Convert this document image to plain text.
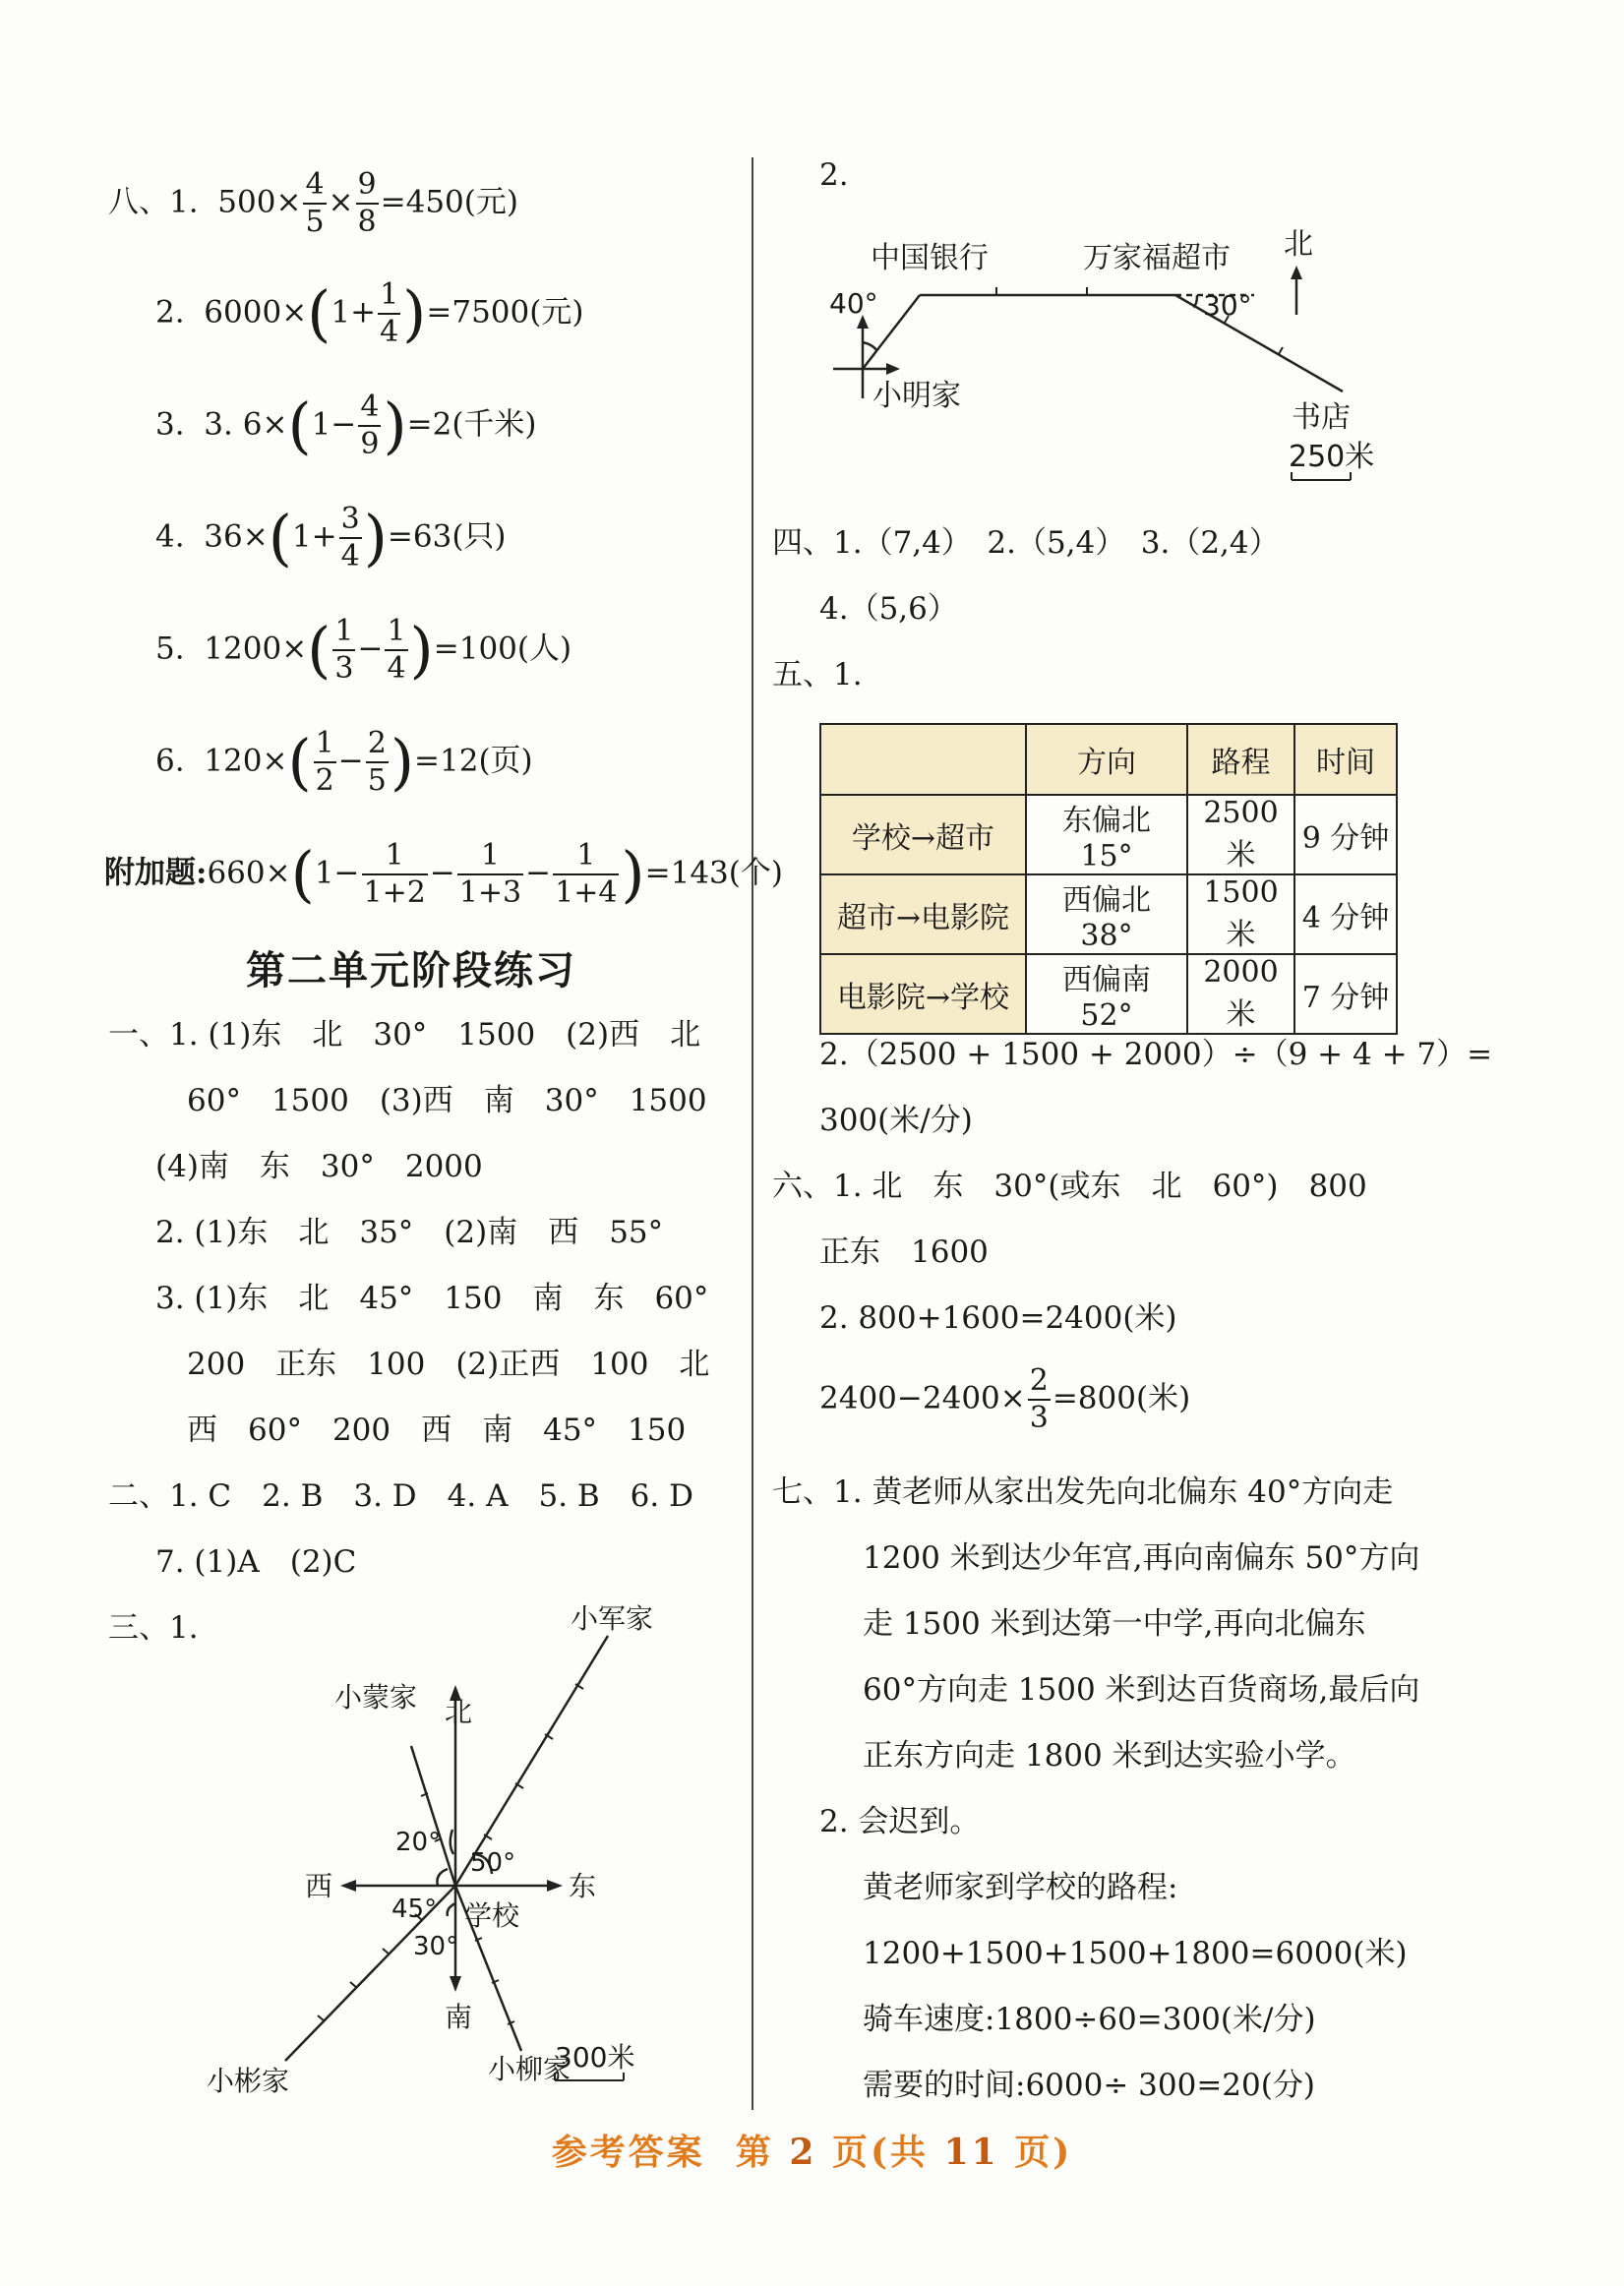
八、1. $500\times \frac{4}{5} \times \frac{9}{8} =450$(元)
2. $6000\times(1+ \frac{1}{4} )=7500$(元)
3. 3. $6\times(1- \frac{4}{9} )=2$(千米)
4. $36\times(1+ \frac{3}{4} )=63$(只)
5. $1200\times( \frac{1}{3} - \frac{1}{4} )=100$(人)
6. $120\times( \frac{1}{2} - \frac{2}{5} )=12$(页)
附加题:660×(1− $\frac{1}{1+2} - \frac{1}{1+3} - \frac{1}{1+4} )=143$(个)
第二单元阶段练习
一、1. (1)东　北　30°　1500　(2)西　北
60°　1500　(3)西　南　30°　1500
(4)南　东　30°　2000
2. (1)东　北　35°　(2)南　西　55°
3. (1)东　北　45°　150　南　东　60°
200　正东　100　(2)正西　100　北
西　60°　200　西　南　45°　150
二、1. C　2. B　3. D　4. A　5. B　6. D
7. (1)A　(2)C
三、1.
北
南
东
西
学校
小军家
小蒙家
小彬家	小柳家
20°
50°
45°
30°
300米
2.
中国银行	万家福超市 北
40°	30°
小明家
书店
250米
四、1.（7,4）　2.（5,4）　3.（2,4）
4.（5,6）
五、1.
	方向	路程	时间
学校→超市	东偏北 15°	2500 米	9 分钟
超市→电影院	西偏北 38°	1500 米	4 分钟
电影院→学校	西偏南 52°	2000 米	7 分钟
2.（2500 + 1500 + 2000）÷（9 + 4 + 7）=
300(米/分)
六、1. 北　东　30°(或东　北　60°)　800
正东　1600
2. 800+1600=2400(米)
$2400-2400\times \frac{2}{3} =800$(米)
七、1. 黄老师从家出发先向北偏东 40°方向走
1200 米到达少年宫,再向南偏东 50°方向
走 1500 米到达第一中学,再向北偏东
60°方向走 1500 米到达百货商场,最后向
正东方向走 1800 米到达实验小学。
2. 会迟到。
黄老师家到学校的路程:
1200+1500+1500+1800=6000(米)
骑车速度:1800÷60=300(米/分)
需要的时间:6000÷ 300=20(分)
参考答案 第 2 页(共 11 页)
